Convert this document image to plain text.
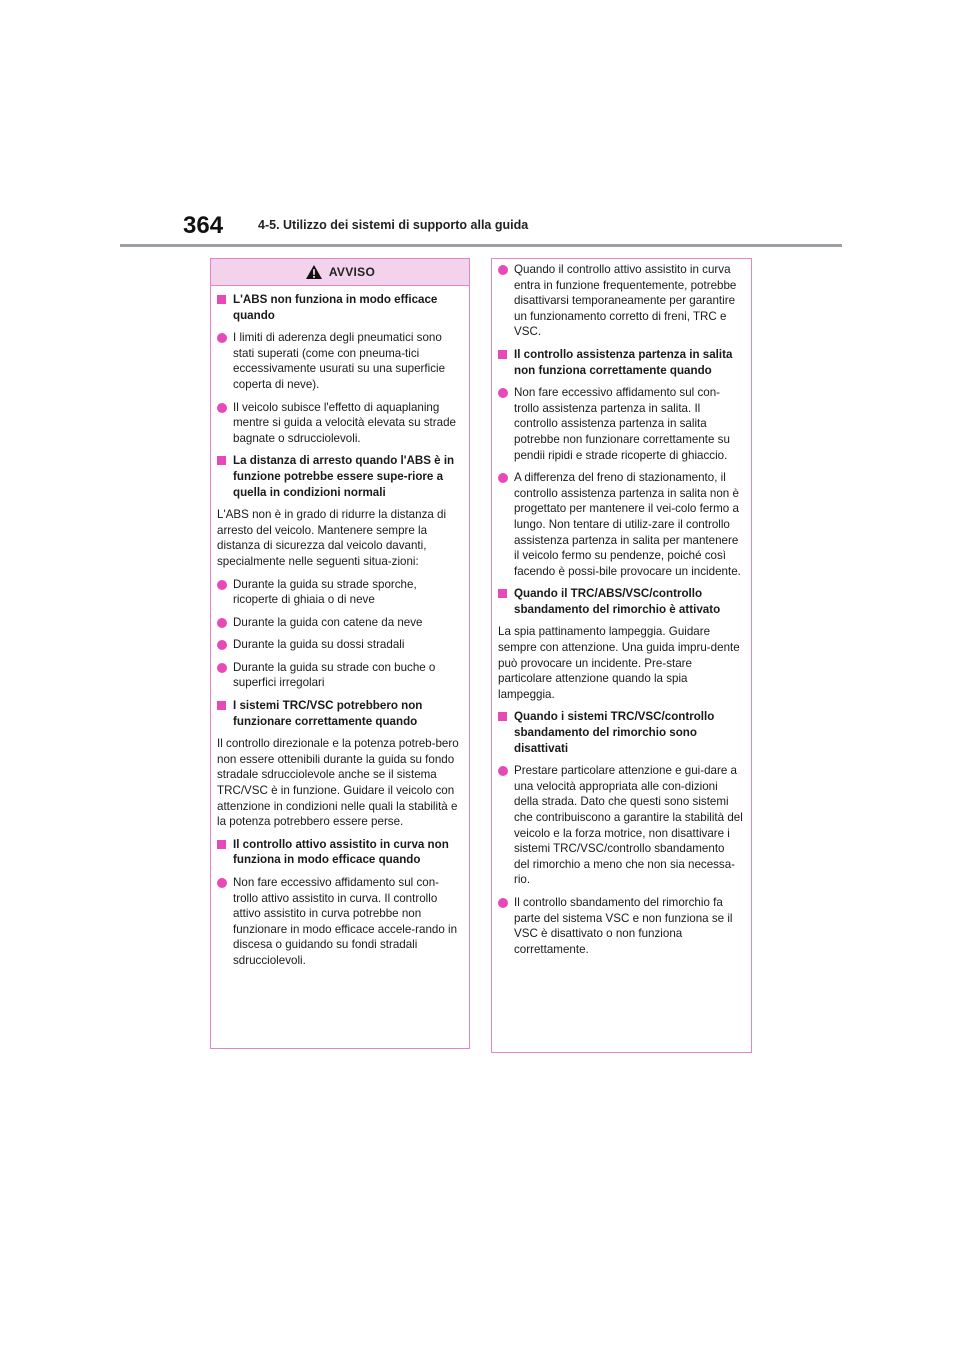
364	4-5. Utilizzo dei sistemi di supporto alla guida
AVVISO
L'ABS non funziona in modo efficace quando
I limiti di aderenza degli pneumatici sono stati superati (come con pneuma-tici eccessivamente usurati su una superficie coperta di neve).
Il veicolo subisce l'effetto di aquaplaning mentre si guida a velocità elevata su strade bagnate o sdrucciolevoli.
La distanza di arresto quando l'ABS è in funzione potrebbe essere supe-riore a quella in condizioni normali
L'ABS non è in grado di ridurre la distanza di arresto del veicolo. Mantenere sempre la distanza di sicurezza dal veicolo davanti, specialmente nelle seguenti situa-zioni:
Durante la guida su strade sporche, ricoperte di ghiaia o di neve
Durante la guida con catene da neve
Durante la guida su dossi stradali
Durante la guida su strade con buche o superfici irregolari
I sistemi TRC/VSC potrebbero non funzionare correttamente quando
Il controllo direzionale e la potenza potreb-bero non essere ottenibili durante la guida su fondo stradale sdrucciolevole anche se il sistema TRC/VSC è in funzione. Guidare il veicolo con attenzione in condizioni nelle quali la stabilità e la potenza potrebbero essere perse.
Il controllo attivo assistito in curva non funziona in modo efficace quando
Non fare eccessivo affidamento sul con-trollo attivo assistito in curva. Il controllo attivo assistito in curva potrebbe non funzionare in modo efficace accele-rando in discesa o guidando su fondi stradali sdrucciolevoli.
Quando il controllo attivo assistito in curva entra in funzione frequentemente, potrebbe disattivarsi temporaneamente per garantire un funzionamento corretto di freni, TRC e VSC.
Il controllo assistenza partenza in salita non funziona correttamente quando
Non fare eccessivo affidamento sul con-trollo assistenza partenza in salita. Il controllo assistenza partenza in salita potrebbe non funzionare correttamente su pendii ripidi e strade ricoperte di ghiaccio.
A differenza del freno di stazionamento, il controllo assistenza partenza in salita non è progettato per mantenere il vei-colo fermo a lungo. Non tentare di utiliz-zare il controllo assistenza partenza in salita per mantenere il veicolo fermo su pendenze, poiché così facendo è possi-bile provocare un incidente.
Quando il TRC/ABS/VSC/controllo sbandamento del rimorchio è attivato
La spia pattinamento lampeggia. Guidare sempre con attenzione. Una guida impru-dente può provocare un incidente. Pre-stare particolare attenzione quando la spia lampeggia.
Quando i sistemi TRC/VSC/controllo sbandamento del rimorchio sono disattivati
Prestare particolare attenzione e gui-dare a una velocità appropriata alle con-dizioni della strada. Dato che questi sono sistemi che contribuiscono a garantire la stabilità del veicolo e la forza motrice, non disattivare i sistemi TRC/VSC/controllo sbandamento del rimorchio a meno che non sia necessa-rio.
Il controllo sbandamento del rimorchio fa parte del sistema VSC e non funziona se il VSC è disattivato o non funziona correttamente.
